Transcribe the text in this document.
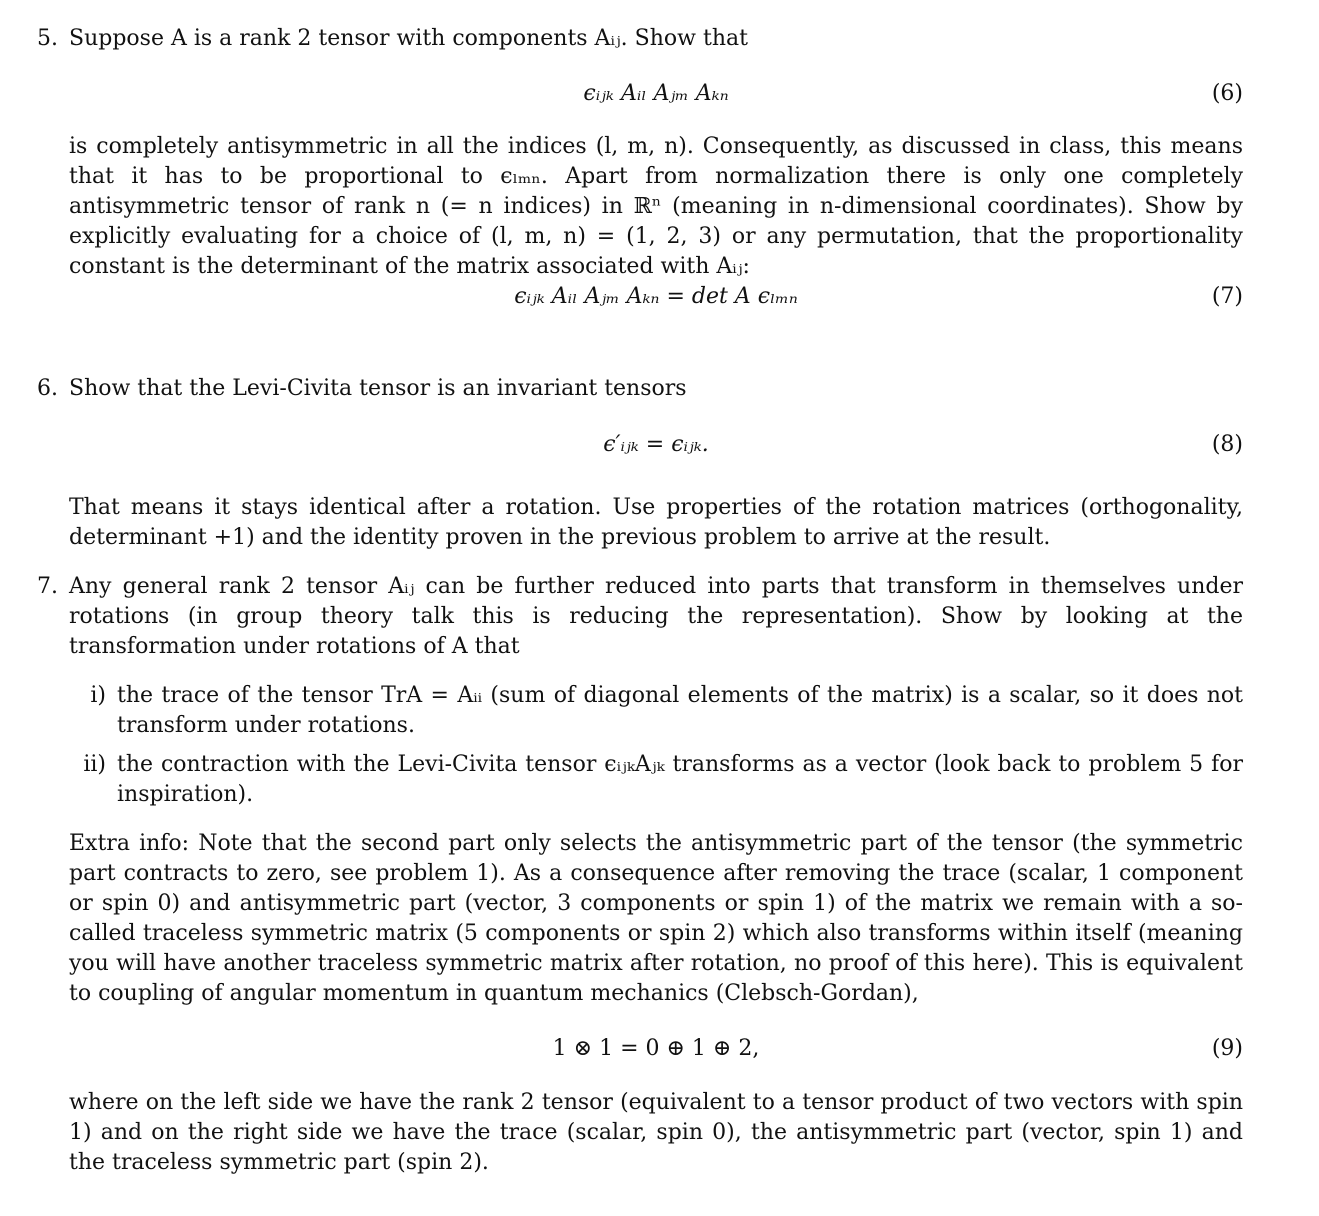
5. Suppose A is a rank 2 tensor with components Aᵢⱼ. Show that
ϵᵢⱼₖ Aᵢₗ Aⱼₘ Aₖₙ	(6)
is completely antisymmetric in all the indices (l, m, n). Consequently, as discussed in class, this means that it has to be proportional to ϵₗₘₙ. Apart from normalization there is only one completely antisymmetric tensor of rank n (= n indices) in ℝⁿ (meaning in n-dimensional coordinates). Show by explicitly evaluating for a choice of (l, m, n) = (1, 2, 3) or any permutation, that the proportionality constant is the determinant of the matrix associated with Aᵢⱼ:
ϵᵢⱼₖ Aᵢₗ Aⱼₘ Aₖₙ = det A ϵₗₘₙ	(7)
6. Show that the Levi-Civita tensor is an invariant tensors
ϵ′ᵢⱼₖ = ϵᵢⱼₖ.	(8)
That means it stays identical after a rotation. Use properties of the rotation matrices (orthogonality, determinant +1) and the identity proven in the previous problem to arrive at the result.
7. Any general rank 2 tensor Aᵢⱼ can be further reduced into parts that transform in themselves under rotations (in group theory talk this is reducing the representation). Show by looking at the transformation under rotations of A that
i) the trace of the tensor TrA = Aᵢᵢ (sum of diagonal elements of the matrix) is a scalar, so it does not transform under rotations.
ii) the contraction with the Levi-Civita tensor ϵᵢⱼₖAⱼₖ transforms as a vector (look back to problem 5 for inspiration).
Extra info: Note that the second part only selects the antisymmetric part of the tensor (the symmetric part contracts to zero, see problem 1). As a consequence after removing the trace (scalar, 1 component or spin 0) and antisymmetric part (vector, 3 components or spin 1) of the matrix we remain with a so-called traceless symmetric matrix (5 components or spin 2) which also transforms within itself (meaning you will have another traceless symmetric matrix after rotation, no proof of this here). This is equivalent to coupling of angular momentum in quantum mechanics (Clebsch-Gordan),
1 ⊗ 1 = 0 ⊕ 1 ⊕ 2,	(9)
where on the left side we have the rank 2 tensor (equivalent to a tensor product of two vectors with spin 1) and on the right side we have the trace (scalar, spin 0), the antisymmetric part (vector, spin 1) and the traceless symmetric part (spin 2).
